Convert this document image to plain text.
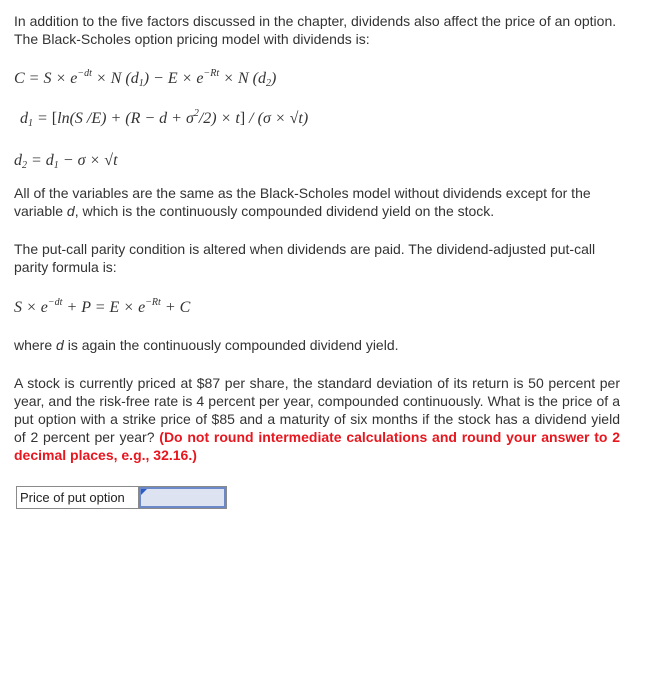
In addition to the five factors discussed in the chapter, dividends also affect the price of an option. The Black-Scholes option pricing model with dividends is:

$C = S \times e^{-dt} \times N$ $(d_1) - E \times e^{-Rt} \times N$ $(d_2)$
$d_1 = [\ln(S$ $/E) + (R - d + \sigma^2/2) \times t] / (\sigma \times √t)$
$d_2 = d_1 - \sigma \times √t$

All of the variables are the same as the Black-Scholes model without dividends except for the variable d, which is the continuously compounded dividend yield on the stock.

The put-call parity condition is altered when dividends are paid. The dividend-adjusted put-call parity formula is:

$S \times e^{-dt} + P = E \times e^{-Rt} + C$

where d is again the continuously compounded dividend yield.

A stock is currently priced at $87 per share, the standard deviation of its return is 50 percent per year, and the risk-free rate is 4 percent per year, compounded continuously. What is the price of a put option with a strike price of $85 and a maturity of six months if the stock has a dividend yield of 2 percent per year? (Do not round intermediate calculations and round your answer to 2 decimal places, e.g., 32.16.)

Price of put option
